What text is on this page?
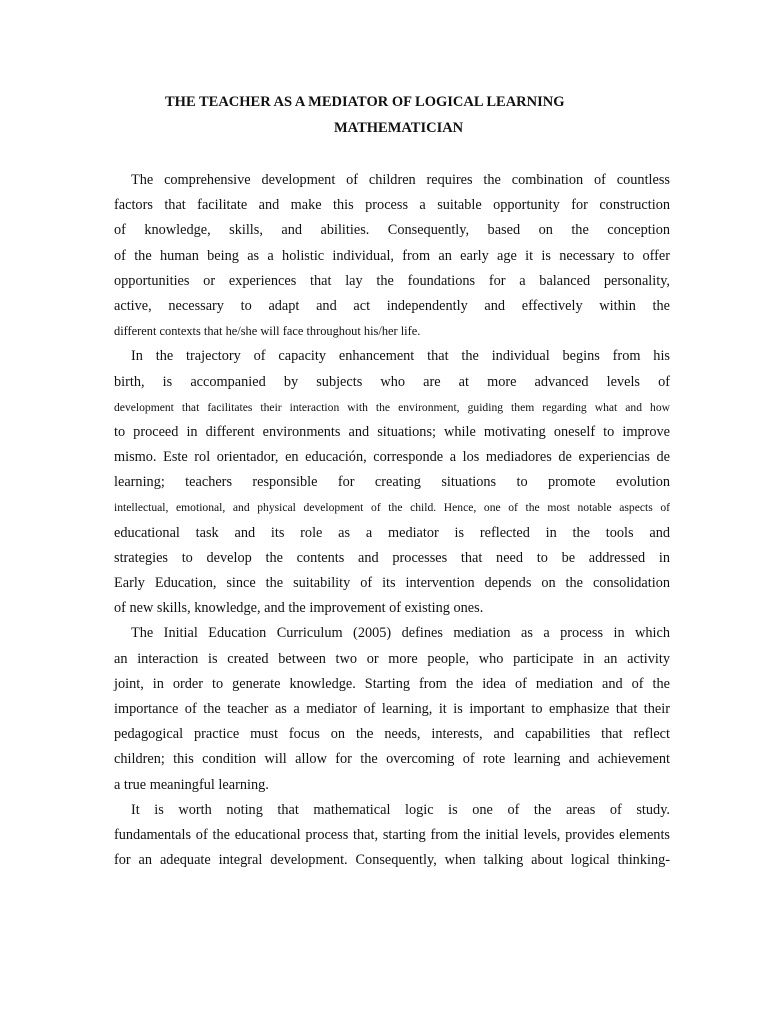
THE TEACHER AS A MEDIATOR OF LOGICAL LEARNING
MATHEMATICIAN
The comprehensive development of children requires the combination of countless
factors that facilitate and make this process a suitable opportunity for construction
of knowledge, skills, and abilities. Consequently, based on the conception
of the human being as a holistic individual, from an early age it is necessary to offer
opportunities or experiences that lay the foundations for a balanced personality,
active, necessary to adapt and act independently and effectively within the
different contexts that he/she will face throughout his/her life.
In the trajectory of capacity enhancement that the individual begins from his
birth, is accompanied by subjects who are at more advanced levels of
development that facilitates their interaction with the environment, guiding them regarding what and how
to proceed in different environments and situations; while motivating oneself to improve
mismo. Este rol orientador, en educación, corresponde a los mediadores de experiencias de
learning; teachers responsible for creating situations to promote evolution
intellectual, emotional, and physical development of the child. Hence, one of the most notable aspects of
educational task and its role as a mediator is reflected in the tools and
strategies to develop the contents and processes that need to be addressed in
Early Education, since the suitability of its intervention depends on the consolidation
of new skills, knowledge, and the improvement of existing ones.
The Initial Education Curriculum (2005) defines mediation as a process in which
an interaction is created between two or more people, who participate in an activity
joint, in order to generate knowledge. Starting from the idea of mediation and of the
importance of the teacher as a mediator of learning, it is important to emphasize that their
pedagogical practice must focus on the needs, interests, and capabilities that reflect
children; this condition will allow for the overcoming of rote learning and achievement
a true meaningful learning.
It is worth noting that mathematical logic is one of the areas of study.
fundamentals of the educational process that, starting from the initial levels, provides elements
for an adequate integral development. Consequently, when talking about logical thinking-
